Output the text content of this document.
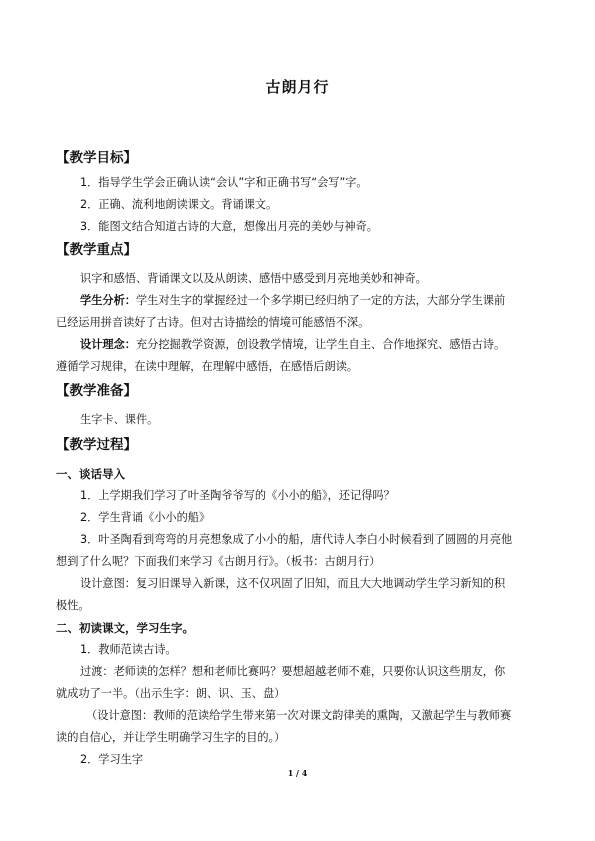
古朗月行
【教学目标】
1．指导学生学会正确认读“会认”字和正确书写“会写”字。
2．正确、流利地朗读课文。背诵课文。
3．能图文结合知道古诗的大意，想像出月亮的美妙与神奇。
【教学重点】
识字和感悟、背诵课文以及从朗读、感悟中感受到月亮地美妙和神奇。
学生分析：学生对生字的掌握经过一个多学期已经归纳了一定的方法，大部分学生课前
已经运用拼音读好了古诗。但对古诗描绘的情境可能感悟不深。
设计理念：充分挖掘教学资源，创设教学情境，让学生自主、合作地探究、感悟古诗。
遵循学习规律，在读中理解，在理解中感悟，在感悟后朗读。
【教学准备】
生字卡、课件。
【教学过程】
一、谈话导入
1．上学期我们学习了叶圣陶爷爷写的《小小的船》，还记得吗？
2．学生背诵《小小的船》
3．叶圣陶看到弯弯的月亮想象成了小小的船，唐代诗人李白小时候看到了圆圆的月亮他
想到了什么呢？下面我们来学习《古朗月行》。（板书：古朗月行）
设计意图：复习旧课导入新课，这不仅巩固了旧知，而且大大地调动学生学习新知的积
极性。
二、初读课文，学习生字。
1．教师范读古诗。
过渡：老师读的怎样？想和老师比赛吗？要想超越老师不难，只要你认识这些朋友，你
就成功了一半。（出示生字：朗、识、玉、盘）
（设计意图：教师的范读给学生带来第一次对课文韵律美的熏陶，又激起学生与教师赛
读的自信心，并让学生明确学习生字的目的。）
2．学习生字
1 / 4
